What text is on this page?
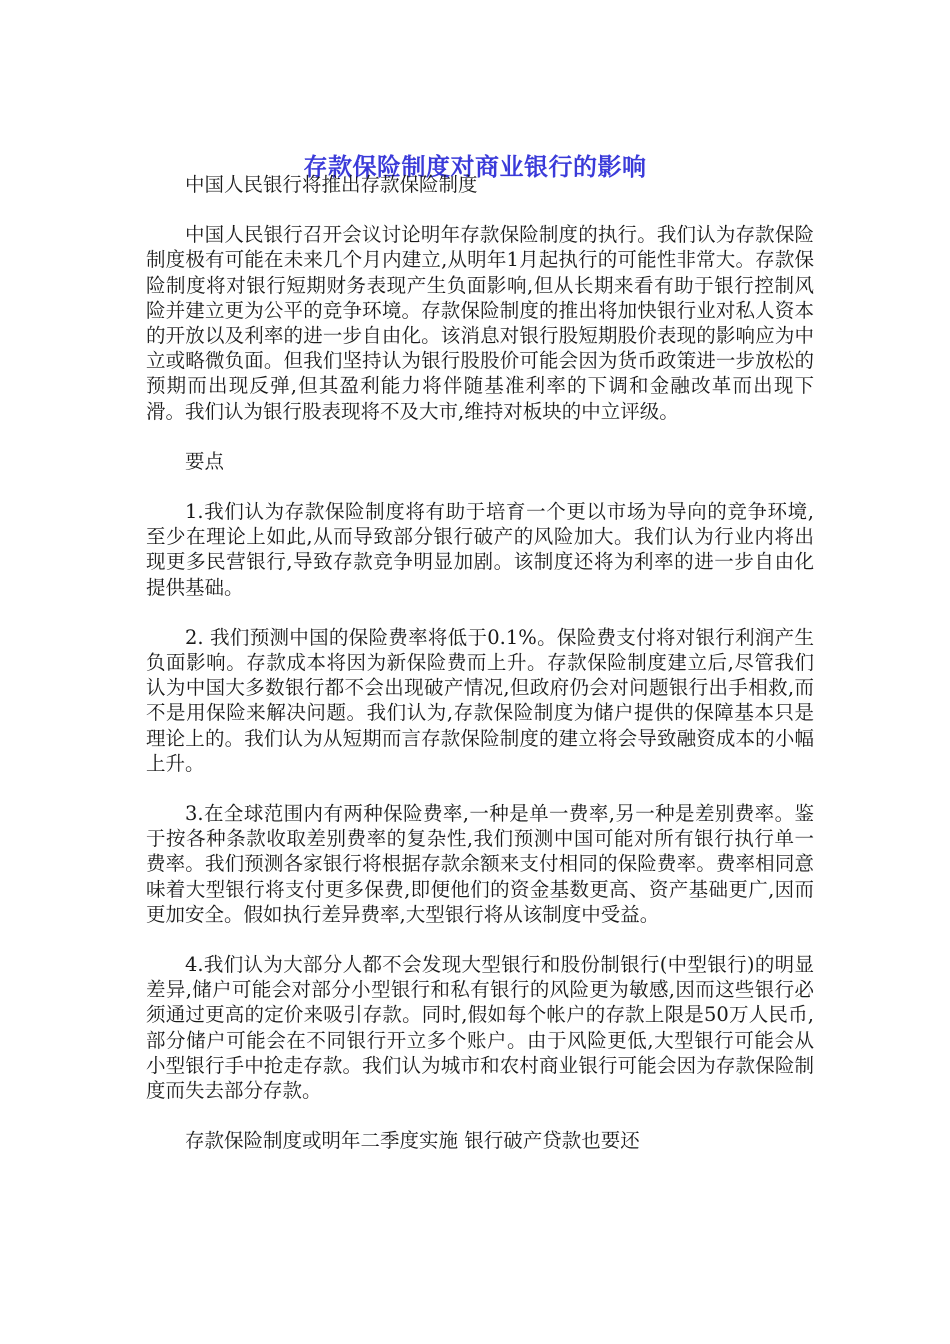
存款保险制度对商业银行的影响

中国人民银行将推出存款保险制度

中国人民银行召开会议讨论明年存款保险制度的执行。我们认为存款保险制度极有可能在未来几个月内建立,从明年1月起执行的可能性非常大。存款保险制度将对银行短期财务表现产生负面影响,但从长期来看有助于银行控制风险并建立更为公平的竞争环境。存款保险制度的推出将加快银行业对私人资本的开放以及利率的进一步自由化。该消息对银行股短期股价表现的影响应为中立或略微负面。但我们坚持认为银行股股价可能会因为货币政策进一步放松的预期而出现反弹,但其盈利能力将伴随基准利率的下调和金融改革而出现下滑。我们认为银行股表现将不及大市,维持对板块的中立评级。

要点

1.我们认为存款保险制度将有助于培育一个更以市场为导向的竞争环境,至少在理论上如此,从而导致部分银行破产的风险加大。我们认为行业内将出现更多民营银行,导致存款竞争明显加剧。该制度还将为利率的进一步自由化提供基础。

2. 我们预测中国的保险费率将低于0.1%。保险费支付将对银行利润产生负面影响。存款成本将因为新保险费而上升。存款保险制度建立后,尽管我们认为中国大多数银行都不会出现破产情况,但政府仍会对问题银行出手相救,而不是用保险来解决问题。我们认为,存款保险制度为储户提供的保障基本只是理论上的。我们认为从短期而言存款保险制度的建立将会导致融资成本的小幅上升。

3.在全球范围内有两种保险费率,一种是单一费率,另一种是差别费率。鉴于按各种条款收取差别费率的复杂性,我们预测中国可能对所有银行执行单一费率。我们预测各家银行将根据存款余额来支付相同的保险费率。费率相同意味着大型银行将支付更多保费,即便他们的资金基数更高、资产基础更广,因而更加安全。假如执行差异费率,大型银行将从该制度中受益。

4.我们认为大部分人都不会发现大型银行和股份制银行(中型银行)的明显差异,储户可能会对部分小型银行和私有银行的风险更为敏感,因而这些银行必须通过更高的定价来吸引存款。同时,假如每个帐户的存款上限是50万人民币,部分储户可能会在不同银行开立多个账户。由于风险更低,大型银行可能会从小型银行手中抢走存款。我们认为城市和农村商业银行可能会因为存款保险制度而失去部分存款。

存款保险制度或明年二季度实施 银行破产贷款也要还
